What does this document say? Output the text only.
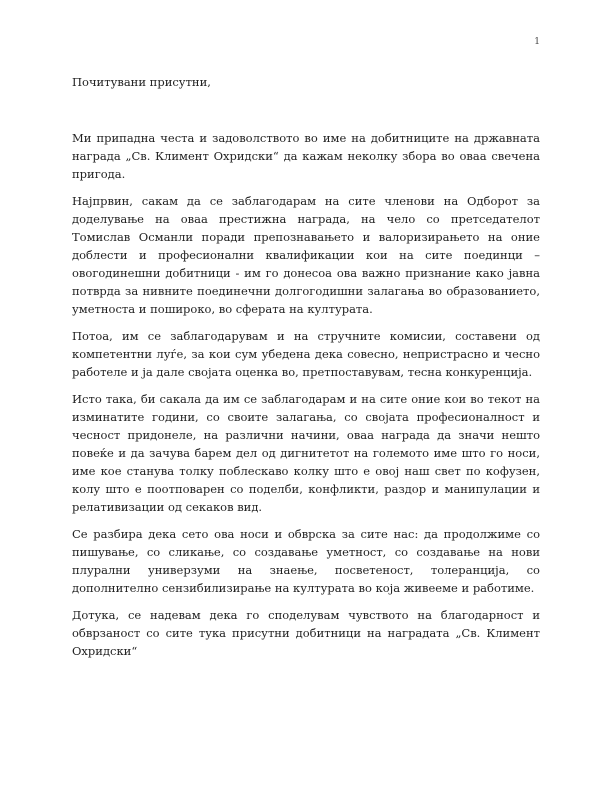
1
Почитувани присутни,

Ми припадна честа и задоволството во име на добитниците на државната награда „Св. Климент Охридски“ да кажам неколку збора во оваа свечена пригода.

Најпрвин, сакам да се заблагодарам на сите членови на Одборот за доделување на оваа престижна награда, на чело со претседателот Томислав Османли поради препознавањето и валоризирањето на оние доблести и професионални квалификации кои на сите поединци – овогодинешни добитници - им го донесоа ова важно признание како јавна потврда за нивните поединечни долгогодишни залагања во образованието, уметноста и пошироко, во сферата на културата.

Потоа, им се заблагодарувам и на стручните комисии, составени од компетентни луѓе, за кои сум убедена дека совесно, непристрасно и чесно работеле и ја дале својата оценка во, претпоставувам, тесна конкуренција.

Исто така, би сакала да им се заблагодарам и на сите оние кои во текот на изминатите години, со своите залагања, со својата професионалност и чесност придонеле, на различни начини, оваа награда да значи нешто повеќе и да зачува барем дел од дигнитетот на големото име што го носи, име кое станува толку поблескаво колку што е овој наш свет по кофузен, колу што е поотповарен со поделби, конфликти, раздор и манипулации и релативизации од секаков вид.

Се разбира дека сето ова носи и обврска за сите нас: да продолжиме со пишување, со сликање, со создавање уметност, со создавање на нови плурални универзуми на знаење, посветеност, толеранција, со дополнително сензибилизирање на културата во која живееме и работиме.

Дотука, се надевам дека го споделувам чувството на благодарност и обврзаност со сите тука присутни добитници на наградата „Св. Климент Охридски“
